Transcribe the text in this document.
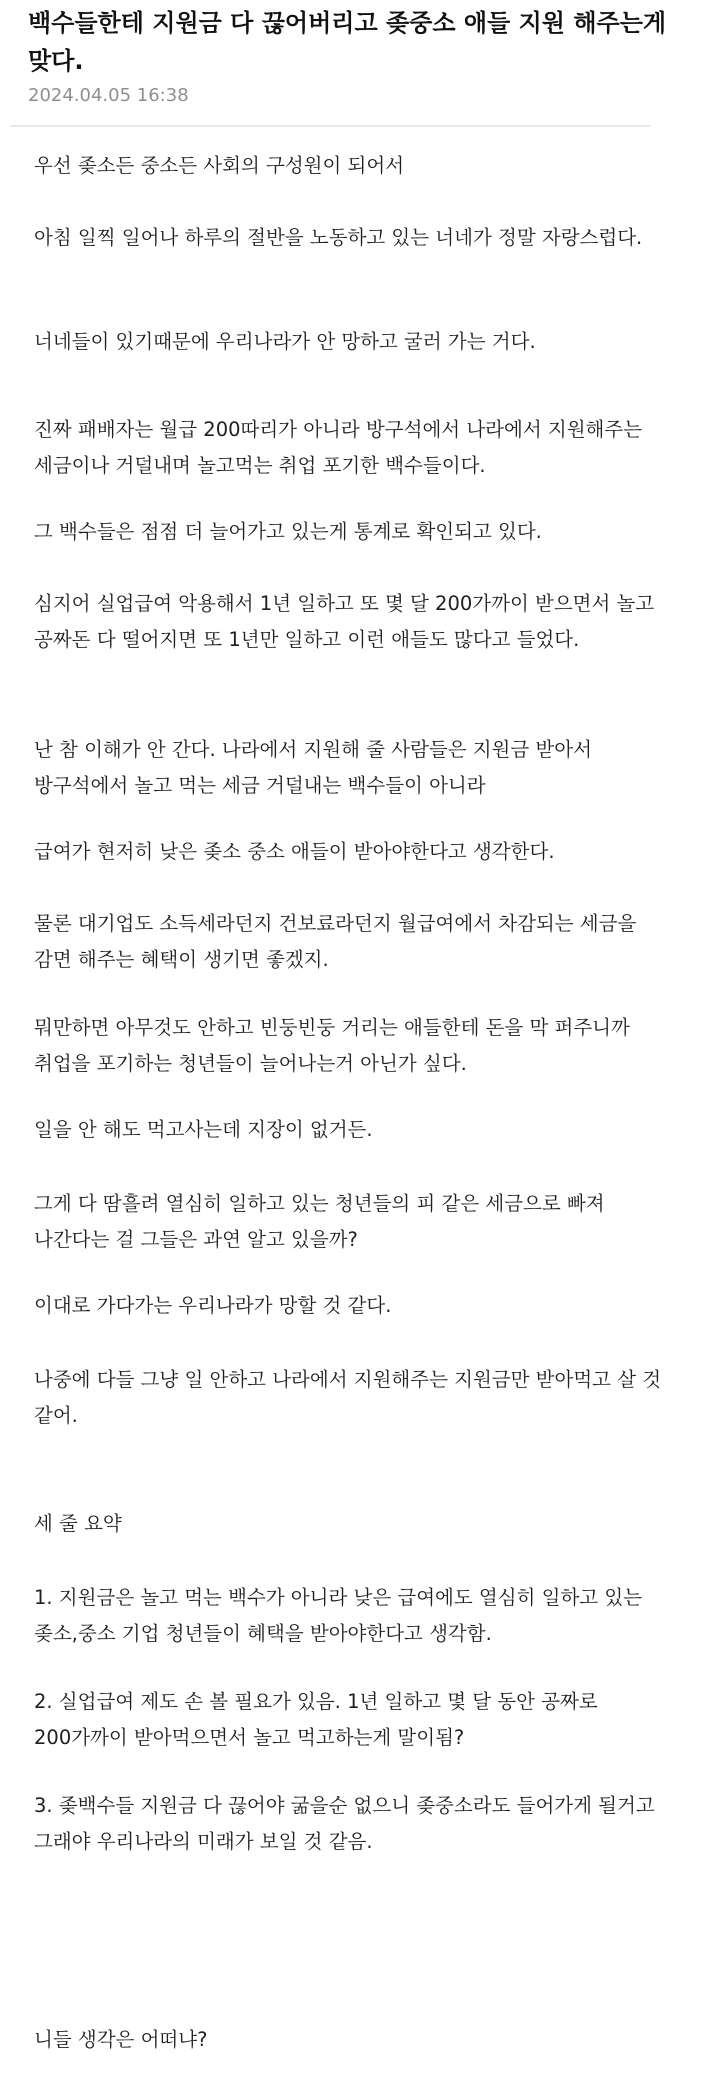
백수들한테 지원금 다 끊어버리고 좆중소 애들 지원 해주는게 맞다.

2024.04.05 16:38

우선 좆소든 중소든 사회의 구성원이 되어서

아침 일찍 일어나 하루의 절반을 노동하고 있는 너네가 정말 자랑스럽다.

너네들이 있기때문에 우리나라가 안 망하고 굴러 가는 거다.

진짜 패배자는 월급 200따리가 아니라 방구석에서 나라에서 지원해주는 세금이나 거덜내며 놀고먹는 취업 포기한 백수들이다.

그 백수들은 점점 더 늘어가고 있는게 통계로 확인되고 있다.

심지어 실업급여 악용해서 1년 일하고 또 몇 달 200가까이 받으면서 놀고 공짜돈 다 떨어지면 또 1년만 일하고 이런 애들도 많다고 들었다.

난 참 이해가 안 간다. 나라에서 지원해 줄 사람들은 지원금 받아서 방구석에서 놀고 먹는 세금 거덜내는 백수들이 아니라

급여가 현저히 낮은 좆소 중소 애들이 받아야한다고 생각한다.

물론 대기업도 소득세라던지 건보료라던지 월급여에서 차감되는 세금을 감면 해주는 혜택이 생기면 좋겠지.

뭐만하면 아무것도 안하고 빈둥빈둥 거리는 애들한테 돈을 막 퍼주니까 취업을 포기하는 청년들이 늘어나는거 아닌가 싶다.

일을 안 해도 먹고사는데 지장이 없거든.

그게 다 땀흘려 열심히 일하고 있는 청년들의 피 같은 세금으로 빠져 나간다는 걸 그들은 과연 알고 있을까?

이대로 가다가는 우리나라가 망할 것 같다.

나중에 다들 그냥 일 안하고 나라에서 지원해주는 지원금만 받아먹고 살 것 같어.

세 줄 요약

1. 지원금은 놀고 먹는 백수가 아니라 낮은 급여에도 열심히 일하고 있는 좆소,중소 기업 청년들이 혜택을 받아야한다고 생각함.

2. 실업급여 제도 손 볼 필요가 있음. 1년 일하고 몇 달 동안 공짜로 200가까이 받아먹으면서 놀고 먹고하는게 말이됨?

3. 좆백수들 지원금 다 끊어야 굶을순 없으니 좆중소라도 들어가게 될거고 그래야 우리나라의 미래가 보일 것 같음.

니들 생각은 어떠냐?
